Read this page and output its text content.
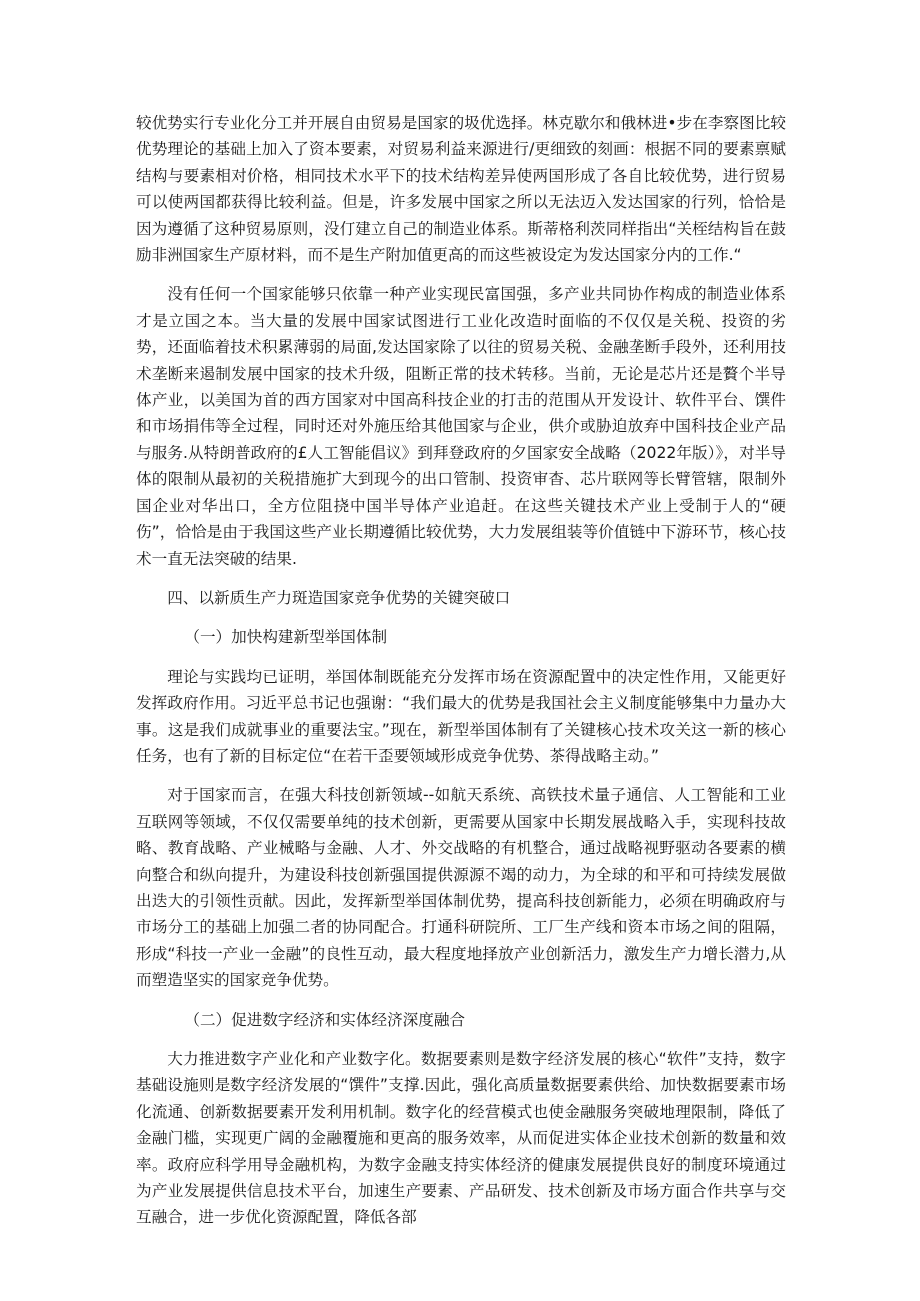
较优势实行专业化分工并开展自由贸易是国家的圾优选择。林克歇尔和俄林进•步在李察图比较优势理论的基础上加入了资本要素，对贸易利益来源进行/更细致的刻画：根据不同的要素禀赋结构与要素相对价格，相同技术水平下的技术结构差异使两国形成了各自比较优势，进行贸易可以使两国都获得比较利益。但是，许多发展中国家之所以无法迈入发达国家的行列，恰恰是因为遵循了这种贸易原则，没仃建立自己的制造业体系。斯蒂格利茨同样指出“关桎结构旨在鼓励非洲国家生产原材料，而不是生产附加值更高的而这些被设定为发达国家分内的工作.“

没有任何一个国家能够只依靠一种产业实现民富国强，多产业共同协作构成的制造业体系才是立国之本。当大量的发展中国家试图进行工业化改造时面临的不仅仅是关税、投资的劣势，还面临着技术积累薄弱的局面,发达国家除了以往的贸易关税、金融垄断手段外，还利用技术垄断来遏制发展中国家的技术升级，阻断正常的技术转移。当前，无论是芯片还是贅个半导体产业，以美国为首的西方国家对中国高科技企业的打击的范围从开发设计、软件平台、馔件和市场捐伟等全过程，同时还对外施压给其他国家与企业，供介或胁迫放弃中国科技企业产品与服务.从特朗普政府的£人工智能倡议》到拜登政府的夕国家安全战略（2022年版）》，对半导体的限制从最初的关税措施扩大到现今的出口管制、投资审杳、芯片联网等长臂管辖，限制外国企业对华出口，全方位阻挠中国半导体产业追赶。在这些关键技术产业上受制于人的“硬伤”，恰恰是由于我国这些产业长期遵循比较优势，大力发展组装等价值链中下游环节，核心技术一直无法突破的结果.

四、以新质生产力斑造国家竞争优势的关键突破口

（一）加快构建新型举国体制

理论与实践均已证明，举国体制既能充分发挥市场在资源配置中的决定性作用，又能更好发挥政府作用。习近平总书记也强谢：“我们最大的优势是我国社会主义制度能够集中力量办大事。这是我们成就事业的重要法宝。”现在，新型举国体制有了关键核心技术攻关这一新的核心任务，也有了新的目标定位“在若干歪要领域形成竞争优势、茶得战略主动。”

对于国家而言，在强大科技创新领域--如航天系统、高铁技术量子通信、人工智能和工业互联网等领域，不仅仅需要单纯的技术创新，更需要从国家中长期发展战略入手，实现科技故略、教育战略、产业械略与金融、人才、外交战略的有机整合，通过战略视野驱动各要素的横向整合和纵向提升，为建设科技创新强国提供源源不竭的动力，为全球的和平和可持续发展做出迭大的引领性贡献。因此，发挥新型举国体制优势，提高科技创新能力，必须在明确政府与市场分工的基础上加强二者的协同配合。打通科研院所、工厂生产线和资本市场之间的阻隔，形成“科技一产业一金融”的良性互动，最大程度地择放产业创新活力，激发生产力增长潜力,从而塑造坚实的国家竞争优势。

（二）促进数字经济和实体经济深度融合

大力推进数字产业化和产业数字化。数据要素则是数字经济发展的核心“软件”支持，数字基础设施则是数字经济发展的“馔件”支撑.因此，强化高质量数据要素供给、加快数据要素市场化流通、创新数据要素开发利用机制。数字化的经营模式也使金融服务突破地理限制，降低了金融门槛，实现更广阔的金融覆施和更高的服务效率，从而促进实体企业技术创新的数量和效率。政府应科学用导金融机构，为数字金融支持实体经济的健康发展提供良好的制度环境通过为产业发展提供信息技术平台，加速生产要素、产品研发、技术创新及市场方面合作共享与交互融合，进一步优化资源配置，降低各部
